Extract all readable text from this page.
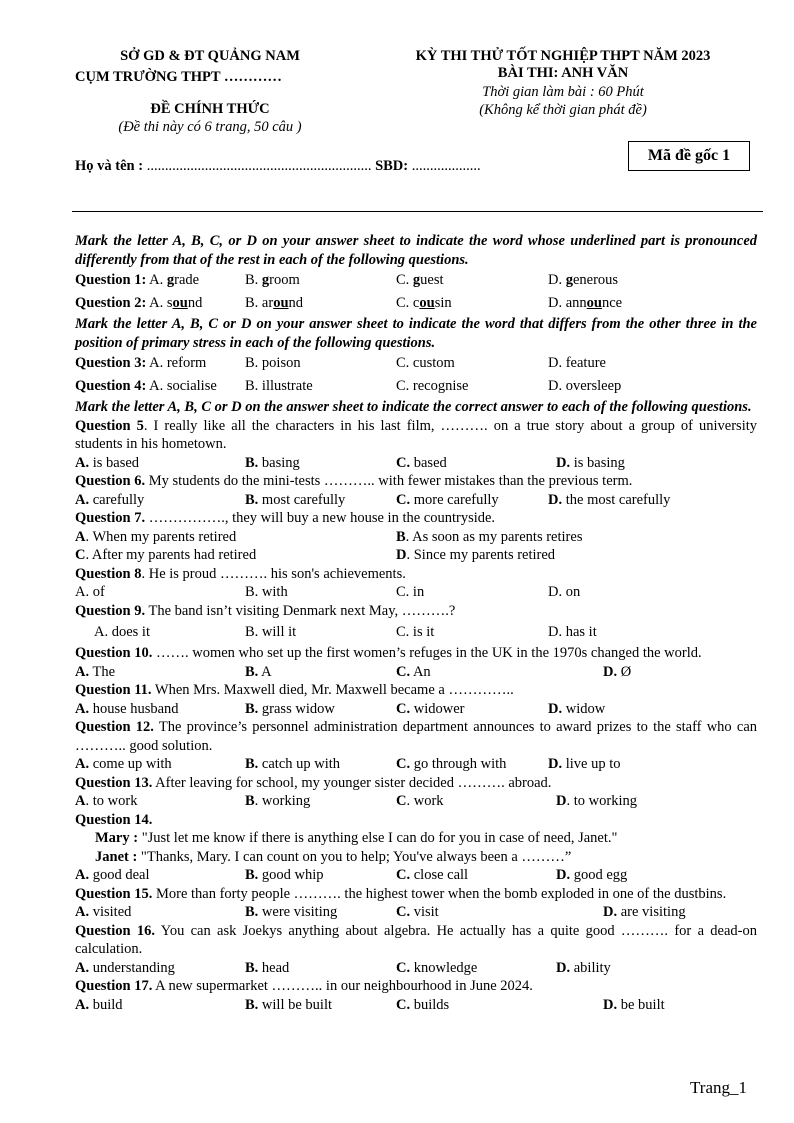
SỞ GD & ĐT QUẢNG NAM
CỤM TRƯỜNG THPT …………
ĐỀ CHÍNH THỨC
(Đề thi này có 6 trang, 50 câu )
KỲ THI THỬ TỐT NGHIỆP THPT NĂM 2023
BÀI THI: ANH VĂN
Thời gian làm bài : 60 Phút
(Không kể thời gian phát đề)
Họ và tên : .............................................................. SBD: ...................
Mã đề gốc 1
Mark the letter A, B, C, or D on your answer sheet to indicate the word whose underlined part is pronounced differently from that of the rest in each of the following questions.
Question 1: A. grade	B. groom	C. guest	D. generous
Question 2: A. sound	B. around	C. cousin	D. announce
Mark the letter A, B, C or D on your answer sheet to indicate the word that differs from the other three in the position of primary stress in each of the following questions.
Question 3: A. reform	B. poison	C. custom	D. feature
Question 4: A. socialise	B. illustrate	C. recognise	D. oversleep
Mark the letter A, B, C or D on the answer sheet to indicate the correct answer to each of the following questions.
Question 5. I really like all the characters in his last film, ………. on a true story about a group of university students in his hometown.
A. is based	B. basing	C. based	D. is basing
Question 6. My students do the mini-tests ……….. with fewer mistakes than the previous term.
A. carefully	B. most carefully	C. more carefully	D. the most carefully
Question 7. ……………., they will buy a new house in the countryside.
A. When my parents retired	B. As soon as my parents retires
C. After my parents had retired	D. Since my parents retired
Question 8. He is proud ………. his son's achievements.
A. of	B. with	C. in	D. on
Question 9. The band isn’t visiting Denmark next May, ……….?
A. does it	B. will it	C. is it	D. has it
Question 10. ……. women who set up the first women’s refuges in the UK in the 1970s changed the world.
A. The	B. A	C. An	D. Ø
Question 11. When Mrs. Maxwell died, Mr. Maxwell became a …………..
A. house husband	B. grass widow	C. widower	D. widow
Question 12. The province’s personnel administration department announces to award prizes to the staff who can ……….. good solution.
A. come up with	B. catch up with	C. go through with	D. live up to
Question 13. After leaving for school, my younger sister decided ………. abroad.
A. to work	B. working	C. work	D. to working
Question 14.
Mary : "Just let me know if there is anything else I can do for you in case of need, Janet."
Janet : "Thanks, Mary. I can count on you to help; You've always been a ………”
A. good deal	B. good whip	C. close call	D. good egg
Question 15. More than forty people ………. the highest tower when the bomb exploded in one of the dustbins.
A. visited	B. were visiting	C. visit	D. are visiting
Question 16. You can ask Joekys anything about algebra. He actually has a quite good ………. for a dead-on calculation.
A. understanding	B. head	C. knowledge	D. ability
Question 17. A new supermarket ……….. in our neighbourhood in June 2024.
A. build	B. will be built	C. builds	D. be built
Trang_1
